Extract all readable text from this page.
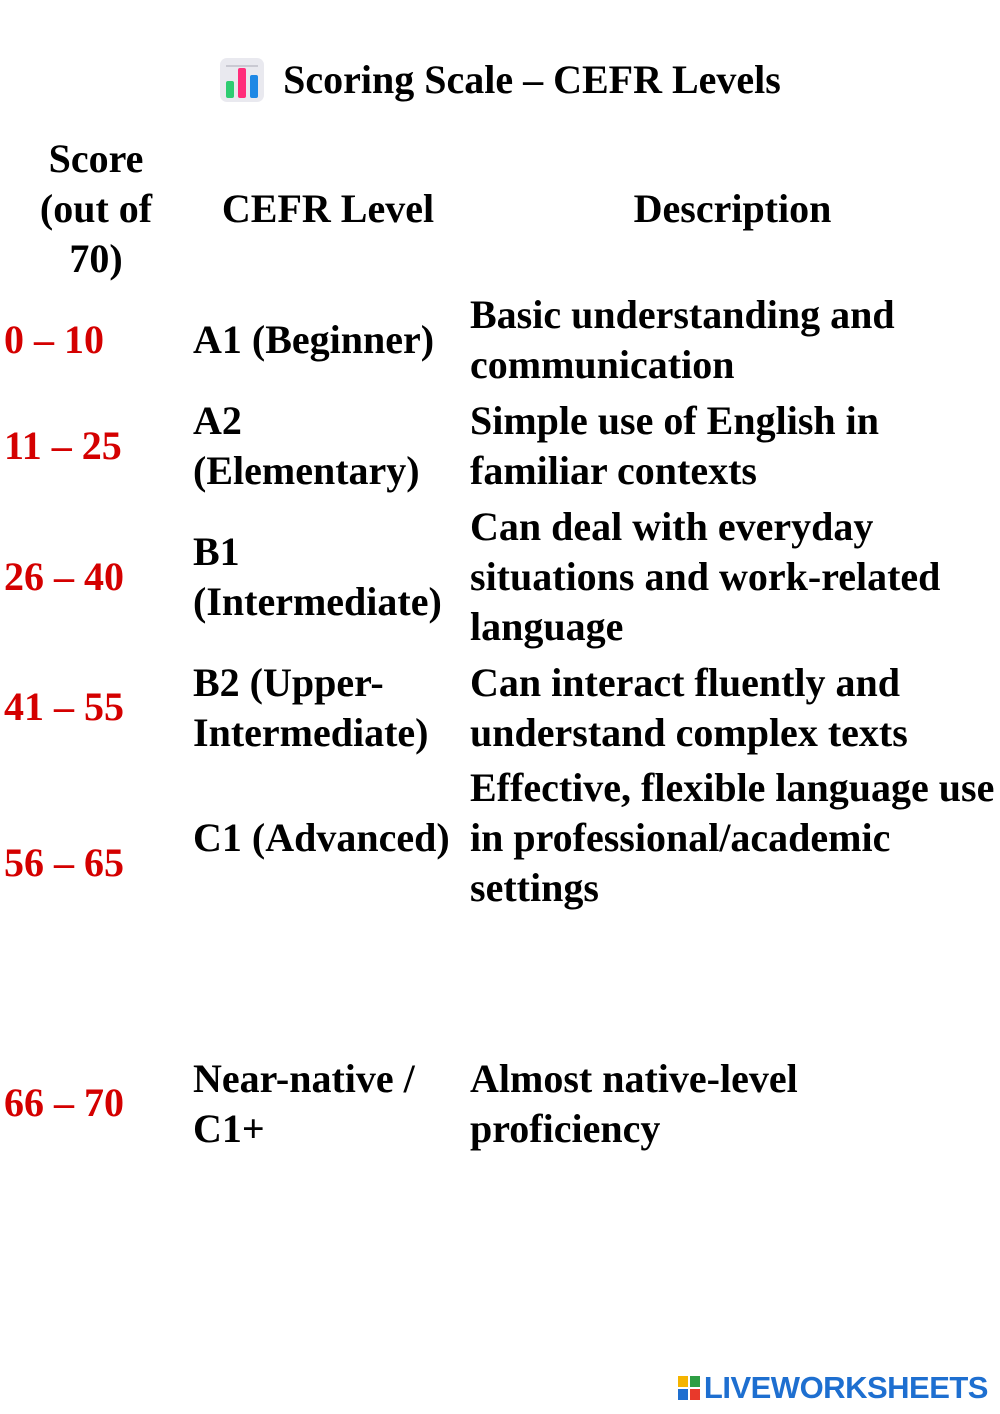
Scoring Scale – CEFR Levels
Score (out of 70)
CEFR Level	Description
0 – 10 A1 (Beginner)
Basic understanding and communication
11 – 25
A2 (Elementary)
Simple use of English in familiar contexts
26 – 40
B1 (Intermediate)
Can deal with everyday situations and work-related language
41 – 55
B2 (Upper-Intermediate)
Can interact fluently and understand complex texts
56 – 65
C1 (Advanced)
Effective, flexible language use in professional/academic settings
66 – 70
Near-native / C1+
Almost native-level proficiency
LIVEWORKSHEETS
